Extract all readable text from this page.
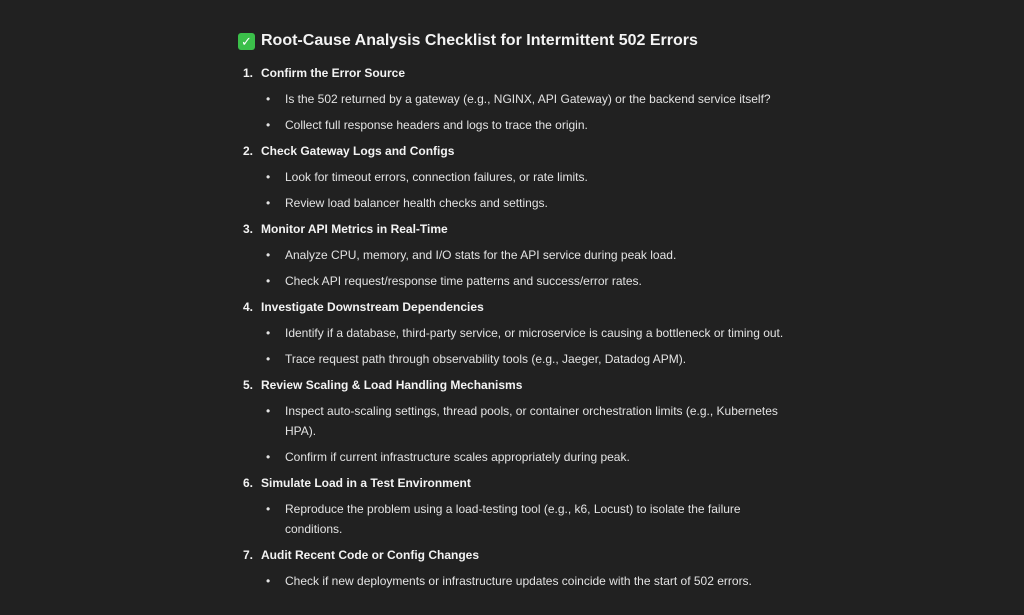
✓ Root-Cause Analysis Checklist for Intermittent 502 Errors
1. Confirm the Error Source
•	Is the 502 returned by a gateway (e.g., NGINX, API Gateway) or the backend service itself?
•	Collect full response headers and logs to trace the origin.
2. Check Gateway Logs and Configs
•	Look for timeout errors, connection failures, or rate limits.
•	Review load balancer health checks and settings.
3. Monitor API Metrics in Real-Time
•	Analyze CPU, memory, and I/O stats for the API service during peak load.
•	Check API request/response time patterns and success/error rates.
4. Investigate Downstream Dependencies
•	Identify if a database, third-party service, or microservice is causing a bottleneck or timing out.
•	Trace request path through observability tools (e.g., Jaeger, Datadog APM).
5. Review Scaling & Load Handling Mechanisms
•	Inspect auto-scaling settings, thread pools, or container orchestration limits (e.g., Kubernetes HPA).
•	Confirm if current infrastructure scales appropriately during peak.
6. Simulate Load in a Test Environment
•	Reproduce the problem using a load-testing tool (e.g., k6, Locust) to isolate the failure conditions.
7. Audit Recent Code or Config Changes
•	Check if new deployments or infrastructure updates coincide with the start of 502 errors.
